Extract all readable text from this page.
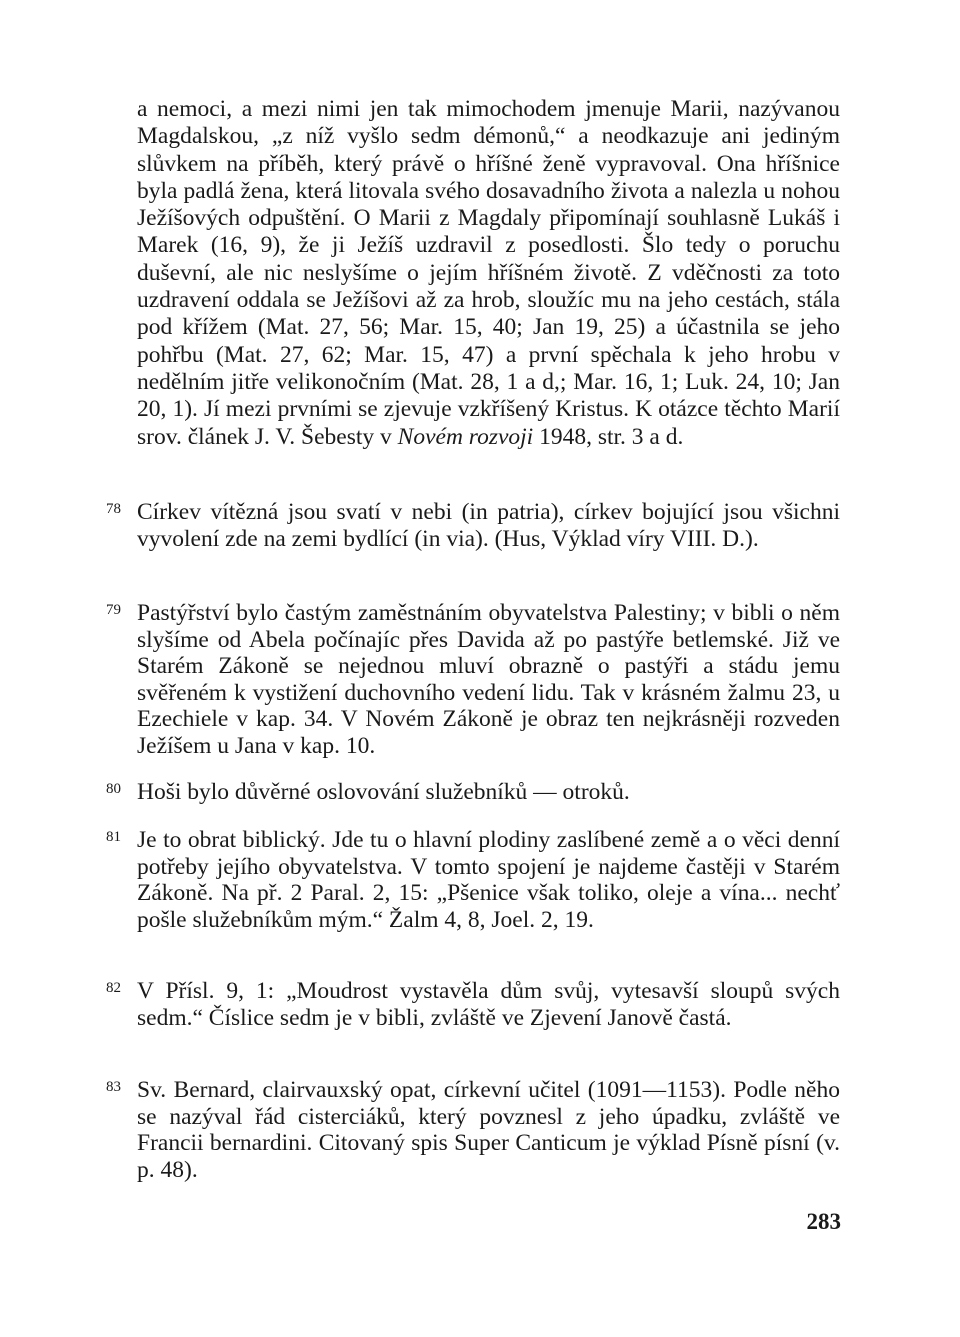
a nemoci, a mezi nimi jen tak mimochodem jmenuje Marii, nazývanou Magdalskou, „z níž vyšlo sedm démonů,“ a neodkazuje ani jediným slůvkem na příběh, který právě o hříšné ženě vypravoval. Ona hříšnice byla padlá žena, která litovala svého dosavadního života a nalezla u nohou Ježíšových odpuštění. O Marii z Magdaly připomínají souhlasně Lukáš i Marek (16, 9), že ji Ježíš uzdravil z posedlosti. Šlo tedy o poruchu duševní, ale nic neslyšíme o jejím hříšném životě. Z vděčnosti za toto uzdravení oddala se Ježíšovi až za hrob, sloužíc mu na jeho cestách, stála pod křížem (Mat. 27, 56; Mar. 15, 40; Jan 19, 25) a účastnila se jeho pohřbu (Mat. 27, 62; Mar. 15, 47) a první spěchala k jeho hrobu v nedělním jitře velikonočním (Mat. 28, 1 a d,; Mar. 16, 1; Luk. 24, 10; Jan 20, 1). Jí mezi prvními se zjevuje vzkříšený Kristus. K otázce těchto Marií srov. článek J. V. Šebesty v Novém rozvoji 1948, str. 3 a d.

78 Církev vítězná jsou svatí v nebi (in patria), církev bojující jsou všichni vyvolení zde na zemi bydlící (in via). (Hus, Výklad víry VIII. D.).
79 Pastýřství bylo častým zaměstnáním obyvatelstva Palestiny; v bibli o něm slyšíme od Abela počínajíc přes Davida až po pastýře betlemské. Již ve Starém Zákoně se nejednou mluví obrazně o pastýři a stádu jemu svěřeném k vystižení duchovního vedení lidu. Tak v krásném žalmu 23, u Ezechiele v kap. 34. V Novém Zákoně je obraz ten nejkrásněji rozveden Ježíšem u Jana v kap. 10.
80 Hoši bylo důvěrné oslovování služebníků — otroků.
81 Je to obrat biblický. Jde tu o hlavní plodiny zaslíbené země a o věci denní potřeby jejího obyvatelstva. V tomto spojení je najdeme častěji v Starém Zákoně. Na př. 2 Paral. 2, 15: „Pšenice však toliko, oleje a vína... nechť pošle služebníkům mým.“ Žalm 4, 8, Joel. 2, 19.
82 V Přísl. 9, 1: „Moudrost vystavěla dům svůj, vytesavší sloupů svých sedm.“ Číslice sedm je v bibli, zvláště ve Zjevení Janově častá.
83 Sv. Bernard, clairvauxský opat, církevní učitel (1091—1153). Podle něho se nazýval řád cisterciáků, který povznesl z jeho úpadku, zvláště ve Francii bernardini. Citovaný spis Super Canticum je výklad Písně písní (v. p. 48).
283
